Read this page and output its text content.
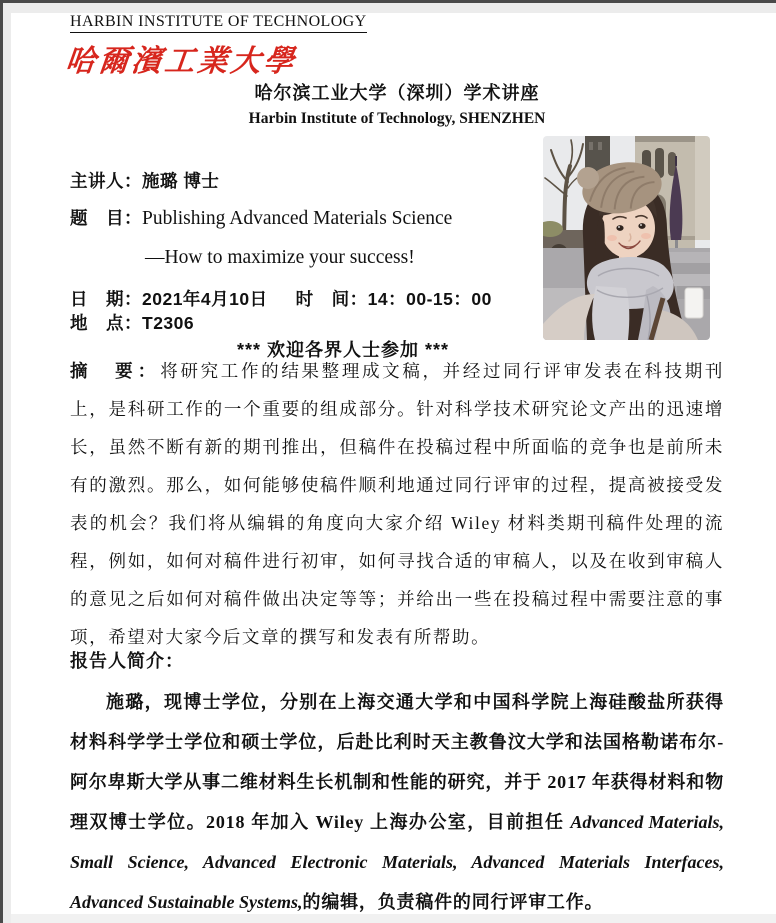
HARBIN INSTITUTE OF TECHNOLOGY
哈爾濱工業大學
哈尔滨工业大学（深圳）学术讲座
Harbin Institute of Technology, SHENZHEN
主讲人：施璐 博士
题　目：Publishing Advanced Materials Science
—How to maximize your success!
日　期：2021年4月10日 时　间：14：00-15：00
地　点：T2306
*** 欢迎各界人士参加 ***
摘　要：将研究工作的结果整理成文稿，并经过同行评审发表在科技期刊上，是科研工作的一个重要的组成部分。针对科学技术研究论文产出的迅速增长，虽然不断有新的期刊推出，但稿件在投稿过程中所面临的竞争也是前所未有的激烈。那么，如何能够使稿件顺利地通过同行评审的过程，提高被接受发表的机会？我们将从编辑的角度向大家介绍 Wiley 材料类期刊稿件处理的流程，例如，如何对稿件进行初审，如何寻找合适的审稿人，以及在收到审稿人的意见之后如何对稿件做出决定等等；并给出一些在投稿过程中需要注意的事项，希望对大家今后文章的撰写和发表有所帮助。
报告人简介：
施璐，现博士学位，分别在上海交通大学和中国科学院上海硅酸盐所获得材料科学学士学位和硕士学位，后赴比利时天主教鲁汶大学和法国格勒诺布尔-阿尔卑斯大学从事二维材料生长机制和性能的研究，并于 2017 年获得材料和物理双博士学位。2018 年加入 Wiley 上海办公室，目前担任 Advanced Materials, Small Science, Advanced Electronic Materials, Advanced Materials Interfaces, Advanced Sustainable Systems,的编辑，负责稿件的同行评审工作。
